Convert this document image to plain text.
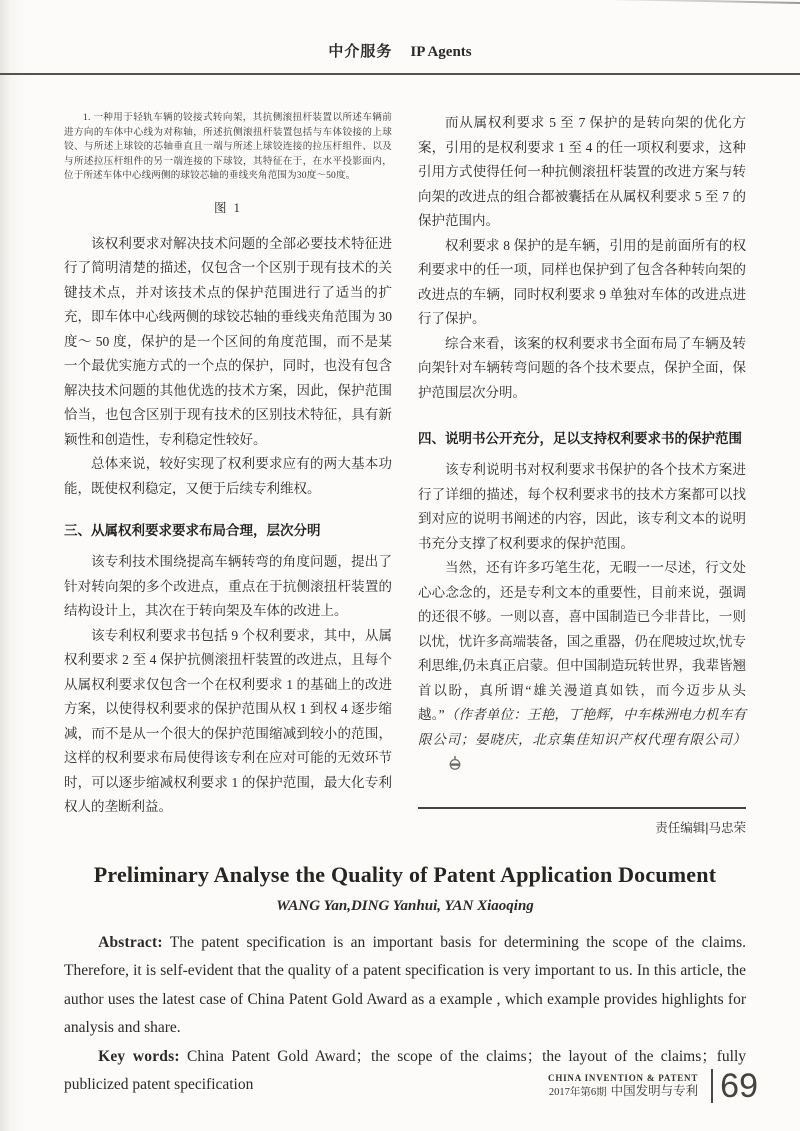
中介服务 IP Agents
1. 一种用于轻轨车辆的铰接式转向架，其抗侧滚扭杆装置以所述车辆前进方向的车体中心线为对称轴，所述抗侧滚扭杆装置包括与车体铰接的上球铰、与所述上球铰的芯轴垂直且一端与所述上球铰连接的拉压杆组件、以及与所述拉压杆组件的另一端连接的下球铰，其特征在于，在水平投影面内，位于所述车体中心线两侧的球铰芯轴的垂线夹角范围为30度～50度。
图 1

该权利要求对解决技术问题的全部必要技术特征进行了简明清楚的描述，仅包含一个区别于现有技术的关键技术点，并对该技术点的保护范围进行了适当的扩充，即车体中心线两侧的球铰芯轴的垂线夹角范围为 30 度～ 50 度，保护的是一个区间的角度范围，而不是某一个最优实施方式的一个点的保护，同时，也没有包含解决技术问题的其他优选的技术方案，因此，保护范围恰当，也包含区别于现有技术的区别技术特征，具有新颖性和创造性，专利稳定性较好。

总体来说，较好实现了权利要求应有的两大基本功能，既使权利稳定，又便于后续专利维权。

三、从属权利要求要求布局合理，层次分明

该专利技术围绕提高车辆转弯的角度问题，提出了针对转向架的多个改进点，重点在于抗侧滚扭杆装置的结构设计上，其次在于转向架及车体的改进上。

该专利权利要求书包括 9 个权利要求，其中，从属权利要求 2 至 4 保护抗侧滚扭杆装置的改进点，且每个从属权利要求仅包含一个在权利要求 1 的基础上的改进方案，以使得权利要求的保护范围从权 1 到权 4 逐步缩减，而不是从一个很大的保护范围缩减到较小的范围，这样的权利要求布局使得该专利在应对可能的无效环节时，可以逐步缩减权利要求 1 的保护范围，最大化专利权人的垄断利益。

而从属权利要求 5 至 7 保护的是转向架的优化方案，引用的是权利要求 1 至 4 的任一项权利要求，这种引用方式使得任何一种抗侧滚扭杆装置的改进方案与转向架的改进点的组合都被囊括在从属权利要求 5 至 7 的保护范围内。

权利要求 8 保护的是车辆，引用的是前面所有的权利要求中的任一项，同样也保护到了包含各种转向架的改进点的车辆，同时权利要求 9 单独对车体的改进点进行了保护。

综合来看，该案的权利要求书全面布局了车辆及转向架针对车辆转弯问题的各个技术要点，保护全面，保护范围层次分明。

四、说明书公开充分，足以支持权利要求书的保护范围

该专利说明书对权利要求书保护的各个技术方案进行了详细的描述，每个权利要求书的技术方案都可以找到对应的说明书阐述的内容，因此，该专利文本的说明书充分支撑了权利要求的保护范围。

当然，还有许多巧笔生花，无暇一一尽述，行文处心心念念的，还是专利文本的重要性，目前来说，强调的还很不够。一则以喜，喜中国制造已今非昔比，一则以忧，忧许多高端装备，国之重器，仍在爬坡过坎,忧专利思维,仍未真正启蒙。但中国制造玩转世界，我辈皆翘首以盼，真所谓“雄关漫道真如铁，而今迈步从头越。”（作者单位：王艳，丁艳辉，中车株洲电力机车有限公司；晏晓庆，北京集佳知识产权代理有限公司）

责任编辑|马忠荣
Preliminary Analyse the Quality of Patent Application Document
WANG Yan,DING Yanhui, YAN Xiaoqing

Abstract: The patent specification is an important basis for determining the scope of the claims. Therefore, it is self-evident that the quality of a patent specification is very important to us. In this article, the author uses the latest case of China Patent Gold Award as a example , which example provides highlights for analysis and share.

Key words: China Patent Gold Award；the scope of the claims；the layout of the claims；fully publicized patent specification	CHINA INVENTION & PATENT
2017年第6期 中国发明与专利 69
